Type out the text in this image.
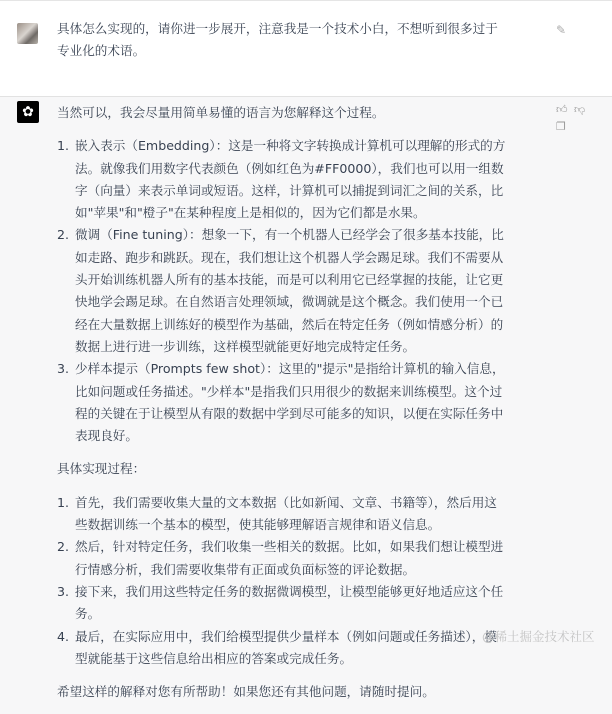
具体怎么实现的，请你进一步展开，注意我是一个技术小白，不想听到很多过于专业化的术语。
✎
✿	👍︎ 👎︎
❐

当然可以，我会尽量用简单易懂的语言为您解释这个过程。

1. 嵌入表示（Embedding）：这是一种将文字转换成计算机可以理解的形式的方法。就像我们用数字代表颜色（例如红色为#FF0000），我们也可以用一组数字（向量）来表示单词或短语。这样，计算机可以捕捉到词汇之间的关系，比如"苹果"和"橙子"在某种程度上是相似的，因为它们都是水果。
2. 微调（Fine tuning）：想象一下，有一个机器人已经学会了很多基本技能，比如走路、跑步和跳跃。现在，我们想让这个机器人学会踢足球。我们不需要从头开始训练机器人所有的基本技能，而是可以利用它已经掌握的技能，让它更快地学会踢足球。在自然语言处理领域，微调就是这个概念。我们使用一个已经在大量数据上训练好的模型作为基础，然后在特定任务（例如情感分析）的数据上进行进一步训练，这样模型就能更好地完成特定任务。
3. 少样本提示（Prompts few shot）：这里的"提示"是指给计算机的输入信息，比如问题或任务描述。"少样本"是指我们只用很少的数据来训练模型。这个过程的关键在于让模型从有限的数据中学到尽可能多的知识，以便在实际任务中表现良好。

具体实现过程：

1. 首先，我们需要收集大量的文本数据（比如新闻、文章、书籍等），然后用这些数据训练一个基本的模型，使其能够理解语言规律和语义信息。
2. 然后，针对特定任务，我们收集一些相关的数据。比如，如果我们想让模型进行情感分析，我们需要收集带有正面或负面标签的评论数据。
3. 接下来，我们用这些特定任务的数据微调模型，让模型能够更好地适应这个任务。
4. 最后，在实际应用中，我们给模型提供少量样本（例如问题或任务描述），模型就能基于这些信息给出相应的答案或完成任务。

希望这样的解释对您有所帮助！如果您还有其他问题，请随时提问。

@稀土掘金技术社区
